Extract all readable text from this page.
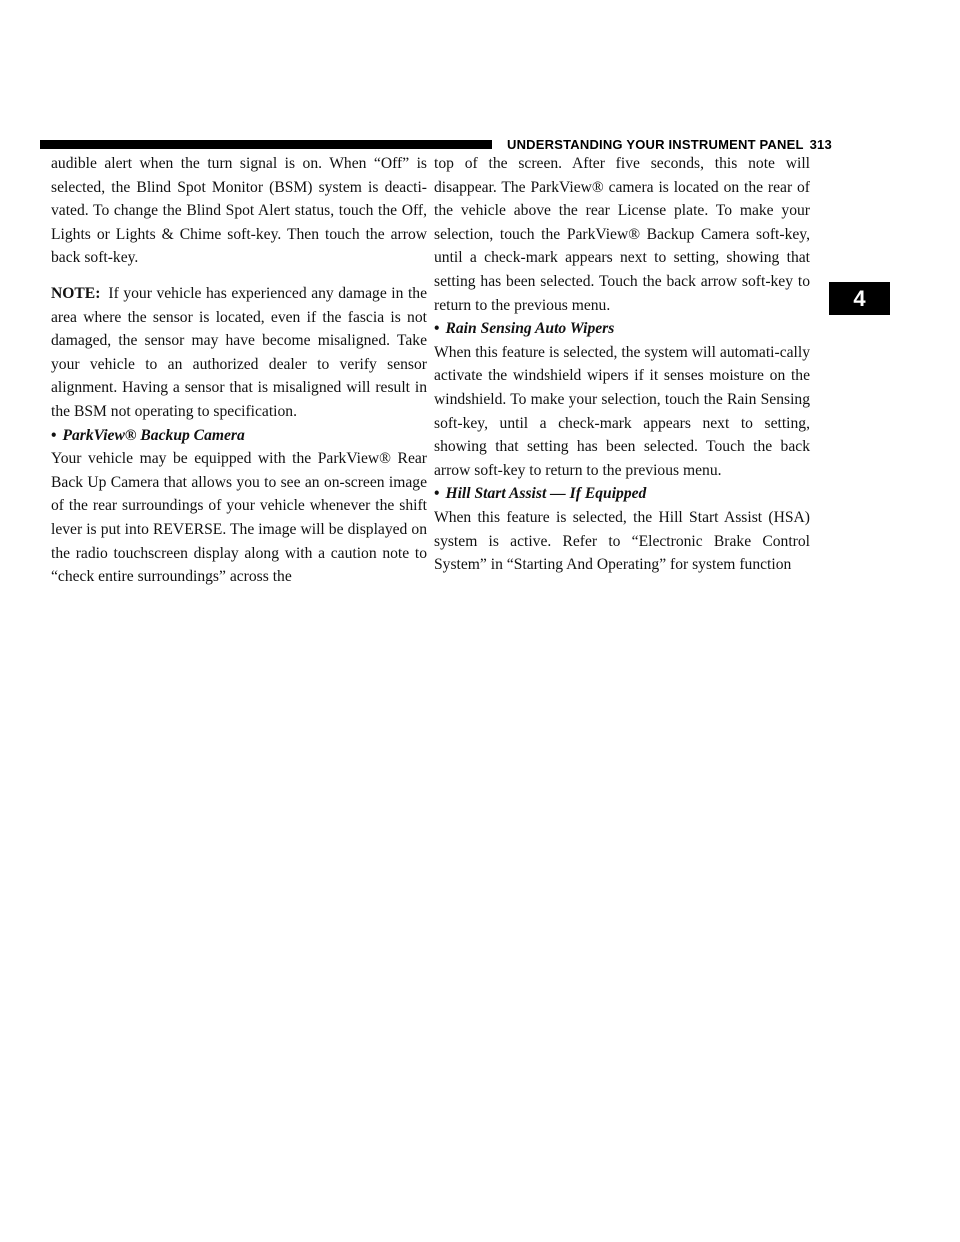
UNDERSTANDING YOUR INSTRUMENT PANEL 313
4

audible alert when the turn signal is on. When “Off” is selected, the Blind Spot Monitor (BSM) system is deacti-vated. To change the Blind Spot Alert status, touch the Off, Lights or Lights & Chime soft-key. Then touch the arrow back soft-key.

NOTE: If your vehicle has experienced any damage in the area where the sensor is located, even if the fascia is not damaged, the sensor may have become misaligned. Take your vehicle to an authorized dealer to verify sensor alignment. Having a sensor that is misaligned will result in the BSM not operating to specification.

• ParkView® Backup Camera

Your vehicle may be equipped with the ParkView® Rear Back Up Camera that allows you to see an on-screen image of the rear surroundings of your vehicle whenever the shift lever is put into REVERSE. The image will be displayed on the radio touchscreen display along with a caution note to “check entire surroundings” across the

top of the screen. After five seconds, this note will disappear. The ParkView® camera is located on the rear of the vehicle above the rear License plate. To make your selection, touch the ParkView® Backup Camera soft-key, until a check-mark appears next to setting, showing that setting has been selected. Touch the back arrow soft-key to return to the previous menu.

• Rain Sensing Auto Wipers

When this feature is selected, the system will automati-cally activate the windshield wipers if it senses moisture on the windshield. To make your selection, touch the Rain Sensing soft-key, until a check-mark appears next to setting, showing that setting has been selected. Touch the back arrow soft-key to return to the previous menu.

• Hill Start Assist — If Equipped

When this feature is selected, the Hill Start Assist (HSA) system is active. Refer to “Electronic Brake Control System” in “Starting And Operating” for system function
